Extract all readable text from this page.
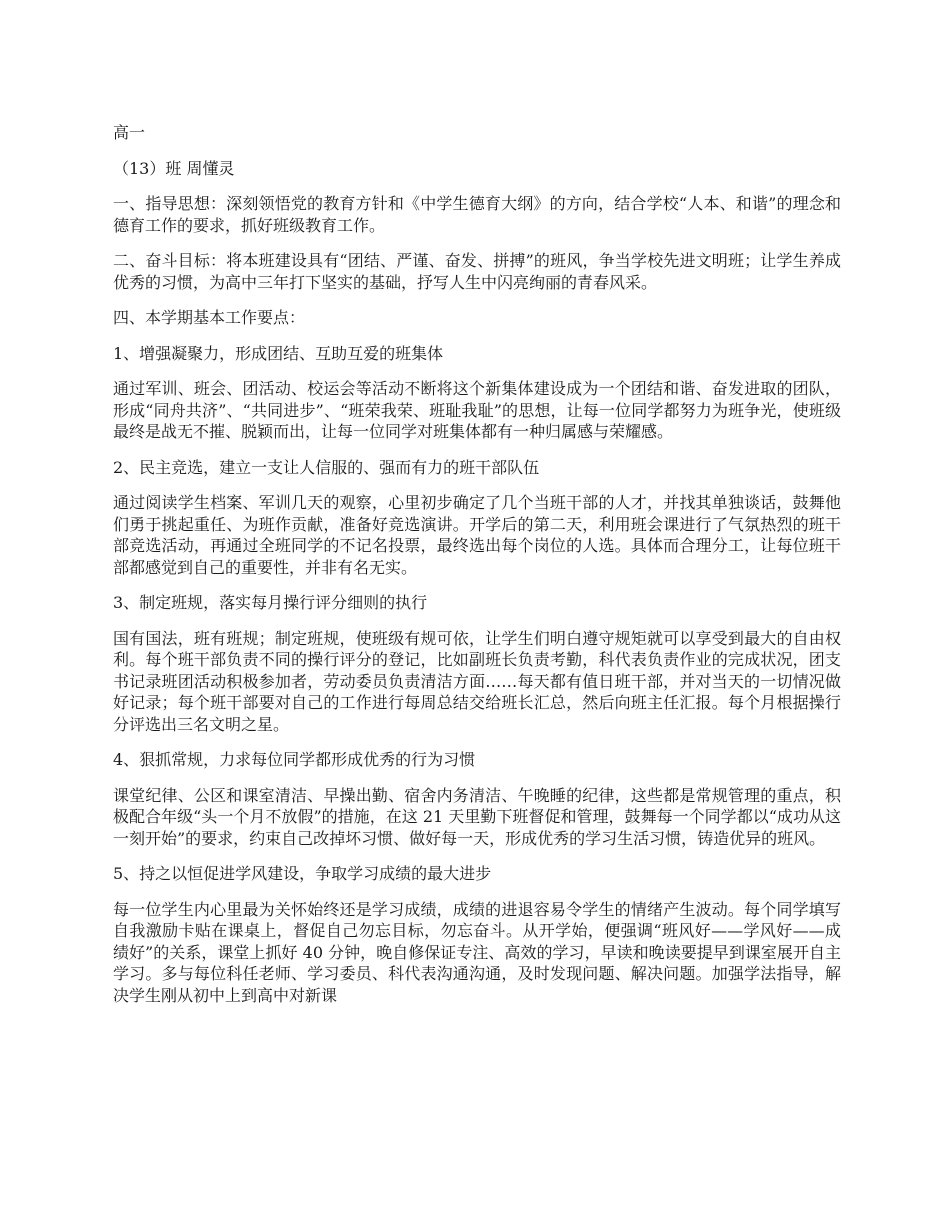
高一

（13）班 周懂灵

一、指导思想：深刻领悟党的教育方针和《中学生德育大纲》的方向，结合学校“人本、和谐”的理念和德育工作的要求，抓好班级教育工作。

二、奋斗目标：将本班建设具有“团结、严谨、奋发、拼搏”的班风，争当学校先进文明班；让学生养成优秀的习惯，为高中三年打下坚实的基础，抒写人生中闪亮绚丽的青春风采。

四、本学期基本工作要点：

1、增强凝聚力，形成团结、互助互爱的班集体

通过军训、班会、团活动、校运会等活动不断将这个新集体建设成为一个团结和谐、奋发进取的团队，形成“同舟共济”、“共同进步”、“班荣我荣、班耻我耻”的思想，让每一位同学都努力为班争光，使班级最终是战无不摧、脱颖而出，让每一位同学对班集体都有一种归属感与荣耀感。

2、民主竞选，建立一支让人信服的、强而有力的班干部队伍

通过阅读学生档案、军训几天的观察，心里初步确定了几个当班干部的人才，并找其单独谈话，鼓舞他们勇于挑起重任、为班作贡献，准备好竞选演讲。开学后的第二天，利用班会课进行了气氛热烈的班干部竞选活动，再通过全班同学的不记名投票，最终选出每个岗位的人选。具体而合理分工，让每位班干部都感觉到自己的重要性，并非有名无实。

3、制定班规，落实每月操行评分细则的执行

国有国法，班有班规；制定班规，使班级有规可依，让学生们明白遵守规矩就可以享受到最大的自由权利。每个班干部负责不同的操行评分的登记，比如副班长负责考勤，科代表负责作业的完成状况，团支书记录班团活动积极参加者，劳动委员负责清洁方面……每天都有值日班干部，并对当天的一切情况做好记录；每个班干部要对自己的工作进行每周总结交给班长汇总，然后向班主任汇报。每个月根据操行分评选出三名文明之星。

4、狠抓常规，力求每位同学都形成优秀的行为习惯

课堂纪律、公区和课室清洁、早操出勤、宿舍内务清洁、午晚睡的纪律，这些都是常规管理的重点，积极配合年级“头一个月不放假”的措施，在这 21 天里勤下班督促和管理，鼓舞每一个同学都以“成功从这一刻开始”的要求，约束自己改掉坏习惯、做好每一天，形成优秀的学习生活习惯，铸造优异的班风。

5、持之以恒促进学风建设，争取学习成绩的最大进步

每一位学生内心里最为关怀始终还是学习成绩，成绩的进退容易令学生的情绪产生波动。每个同学填写自我激励卡贴在课桌上，督促自己勿忘目标，勿忘奋斗。从开学始，便强调“班风好——学风好——成绩好”的关系，课堂上抓好 40 分钟，晚自修保证专注、高效的学习，早读和晚读要提早到课室展开自主学习。多与每位科任老师、学习委员、科代表沟通沟通，及时发现问题、解决问题。加强学法指导，解决学生刚从初中上到高中对新课
